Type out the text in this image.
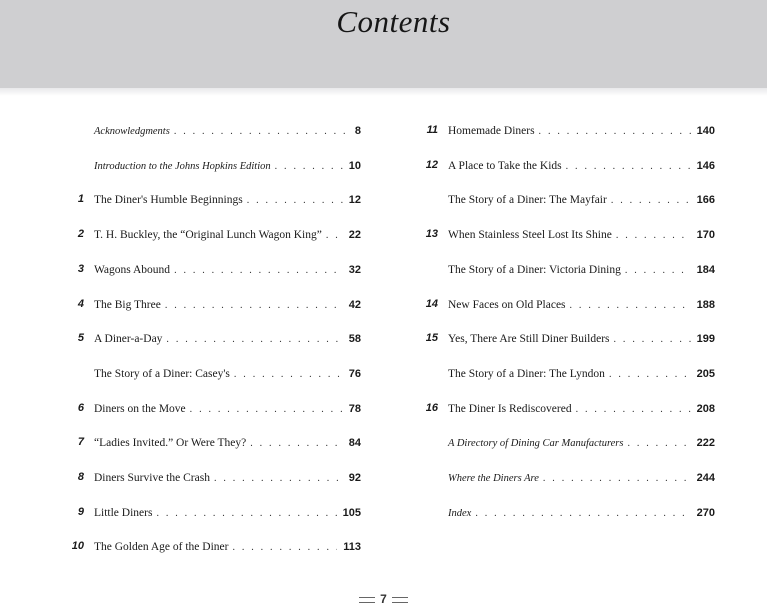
Contents
Acknowledgments . . .	8
Introduction to the Johns Hopkins Edition . . .	10
1 The Diner's Humble Beginnings . . .	12
2 T. H. Buckley, the “Original Lunch Wagon King” . . . 22
3 Wagons Abound . . .	32
4 The Big Three . . .	42
5 A Diner-a-Day . . .	58
The Story of a Diner: Casey's . . .	76
6 Diners on the Move . . .	78
7 “Ladies Invited.” Or Were They? . . .	84
8 Diners Survive the Crash . . .	92
9 Little Diners . . .	105
10 The Golden Age of the Diner . . .	113
11 Homemade Diners . . .	140
12 A Place to Take the Kids . . .	146
The Story of a Diner: The Mayfair . . .	166
13 When Stainless Steel Lost Its Shine . . .	170
The Story of a Diner: Victoria Dining . . .	184
14 New Faces on Old Places . . .	188
15 Yes, There Are Still Diner Builders . . .	199
The Story of a Diner: The Lyndon . . .	205
16 The Diner Is Rediscovered . . .	208
A Directory of Dining Car Manufacturers . . .	222
Where the Diners Are . . .	244
Index . . .	270
7
